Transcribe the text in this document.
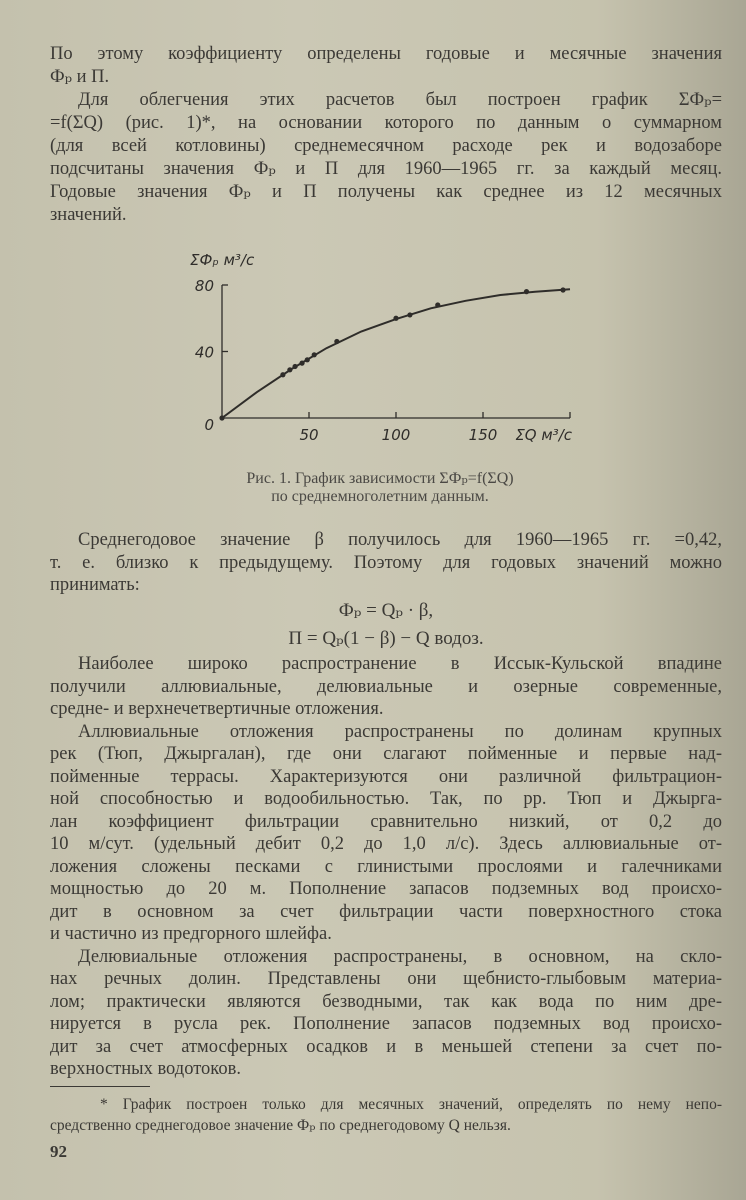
По этому коэффициенту определены годовые и месячные значения
Фₚ и П.
Для облегчения этих расчетов был построен график ΣФₚ=
=f(ΣQ) (рис. 1)*, на основании которого по данным о суммарном
(для всей котловины) среднемесячном расходе рек и водозаборе
подсчитаны значения Фₚ и П для 1960—1965 гг. за каждый месяц.
Годовые значения Фₚ и П получены как среднее из 12 месячных
значений.
50	100	150
0
40
80
ΣQ м³/с
ΣФₚ м³/с
Рис. 1. График зависимости ΣФₚ=f(ΣQ)
по среднемноголетним данным.
Среднегодовое значение β получилось для 1960—1965 гг. =0,42,
т. е. близко к предыдущему. Поэтому для годовых значений можно
принимать:
Фₚ = Qₚ · β,
П = Qₚ(1 − β) − Q водоз.
Наиболее широко распространение в Иссык-Кульской впадине
получили аллювиальные, делювиальные и озерные современные,
средне- и верхнечетвертичные отложения.
Аллювиальные отложения распространены по долинам крупных
рек (Тюп, Джыргалан), где они слагают пойменные и первые над-
пойменные террасы. Характеризуются они различной фильтрацион-
ной способностью и водообильностью. Так, по рр. Тюп и Джырга-
лан коэффициент фильтрации сравнительно низкий, от 0,2 до
10 м/сут. (удельный дебит 0,2 до 1,0 л/с). Здесь аллювиальные от-
ложения сложены песками с глинистыми прослоями и галечниками
мощностью до 20 м. Пополнение запасов подземных вод происхо-
дит в основном за счет фильтрации части поверхностного стока
и частично из предгорного шлейфа.
Делювиальные отложения распространены, в основном, на скло-
нах речных долин. Представлены они щебнисто-глыбовым материа-
лом; практически являются безводными, так как вода по ним дре-
нируется в русла рек. Пополнение запасов подземных вод происхо-
дит за счет атмосферных осадков и в меньшей степени за счет по-
верхностных водотоков.
* График построен только для месячных значений, определять по нему непо-
средственно среднегодовое значение Фₚ по среднегодовому Q нельзя.
92
